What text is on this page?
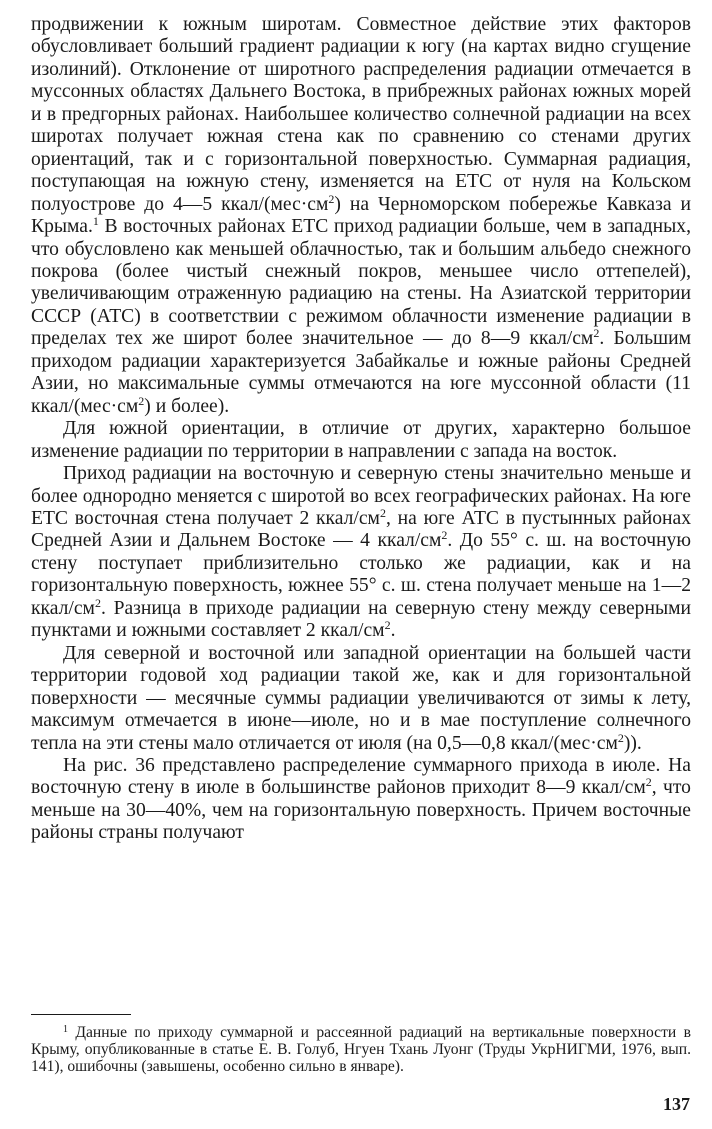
продвижении к южным широтам. Совместное действие этих факторов обусловливает больший градиент радиации к югу (на картах видно сгущение изолиний). Отклонение от широтного распределения радиации отмечается в муссонных областях Дальнего Востока, в прибрежных районах южных морей и в предгорных районах. Наибольшее количество солнечной радиации на всех широтах получает южная стена как по сравнению со стенами других ориентаций, так и с горизонтальной поверхностью. Суммарная радиация, поступающая на южную стену, изменяется на ЕТС от нуля на Кольском полуострове до 4—5 ккал/$(мес\cdot см^2)$ на Черноморском побережье Кавказа и Крыма.$^1$ В восточных районах ЕТС приход радиации больше, чем в западных, что обусловлено как меньшей облачностью, так и большим альбедо снежного покрова (более чистый снежный покров, меньшее число оттепелей), увеличивающим отраженную радиацию на стены. На Азиатской территории СССР (АТС) в соответствии с режимом облачности изменение радиации в пределах тех же широт более значительное — до 8—9 ккал/$см^2$. Большим приходом радиации характеризуется Забайкалье и южные районы Средней Азии, но максимальные суммы отмечаются на юге муссонной области (11 ккал/$(мес\cdot см^2)$ и более).

Для южной ориентации, в отличие от других, характерно большое изменение радиации по территории в направлении с запада на восток.

Приход радиации на восточную и северную стены значительно меньше и более однородно меняется с широтой во всех географических районах. На юге ЕТС восточная стена получает 2 ккал/$см^2$, на юге АТС в пустынных районах Средней Азии и Дальнем Востоке — 4 ккал/$см^2$. До 55° с. ш. на восточную стену поступает приблизительно столько же радиации, как и на горизонтальную поверхность, южнее 55° с. ш. стена получает меньше на 1—2 ккал/$см^2$. Разница в приходе радиации на северную стену между северными пунктами и южными составляет 2 ккал/$см^2$.

Для северной и восточной или западной ориентации на большей части территории годовой ход радиации такой же, как и для горизонтальной поверхности — месячные суммы радиации увеличиваются от зимы к лету, максимум отмечается в июне—июле, но и в мае поступление солнечного тепла на эти стены мало отличается от июля (на 0,5—0,8 ккал/$(мес\cdot см^2)$).

На рис. 36 представлено распределение суммарного прихода в июле. На восточную стену в июле в большинстве районов приходит 8—9 ккал/$см^2$, что меньше на 30—40%, чем на горизонтальную поверхность. Причем восточные районы страны получают

$^1$ Данные по приходу суммарной и рассеянной радиаций на вертикальные поверхности в Крыму, опубликованные в статье Е. В. Голуб, Нгуен Тхань Луонг (Труды УкрНИГМИ, 1976, вып. 141), ошибочны (завышены, особенно сильно в январе).
137
